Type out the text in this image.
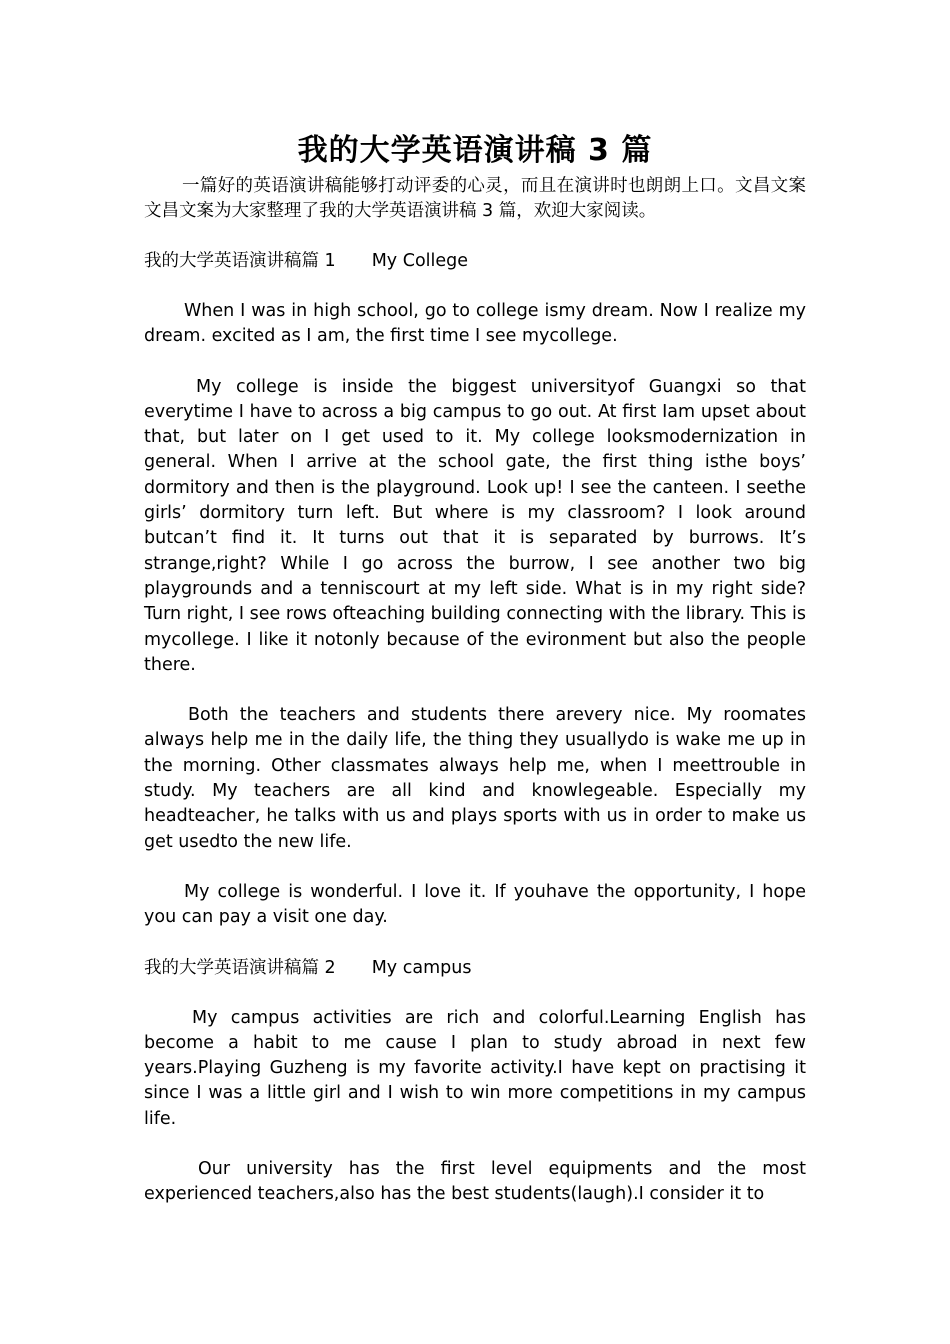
我的大学英语演讲稿 3 篇

一篇好的英语演讲稿能够打动评委的心灵，而且在演讲时也朗朗上口。文昌文案文昌文案为大家整理了我的大学英语演讲稿 3 篇，欢迎大家阅读。

我的大学英语演讲稿篇 1 My College

When I was in high school, go to college ismy dream. Now I realize my dream. excited as I am, the first time I see mycollege.

My college is inside the biggest universityof Guangxi so that everytime I have to across a big campus to go out. At first Iam upset about that, but later on I get used to it. My college looksmodernization in general. When I arrive at the school gate, the first thing isthe boys’ dormitory and then is the playground. Look up! I see the canteen. I seethe girls’ dormitory turn left. But where is my classroom? I look around butcan’t find it. It turns out that it is separated by burrows. It’s strange,right? While I go across the burrow, I see another two big playgrounds and a tenniscourt at my left side. What is in my right side? Turn right, I see rows ofteaching building connecting with the library. This is mycollege. I like it notonly because of the evironment but also the people there.

Both the teachers and students there arevery nice. My roomates always help me in the daily life, the thing they usuallydo is wake me up in the morning. Other classmates always help me, when I meettrouble in study. My teachers are all kind and knowlegeable. Especially my headteacher, he talks with us and plays sports with us in order to make us get usedto the new life.

My college is wonderful. I love it. If youhave the opportunity, I hope you can pay a visit one day.

我的大学英语演讲稿篇 2 My campus

My campus activities are rich and colorful.Learning English has become a habit to me cause I plan to study abroad in next few years.Playing Guzheng is my favorite activity.I have kept on practising it since I was a little girl and I wish to win more competitions in my campus life.

Our university has the first level equipments and the most experienced teachers,also has the best students(laugh).I consider it to
